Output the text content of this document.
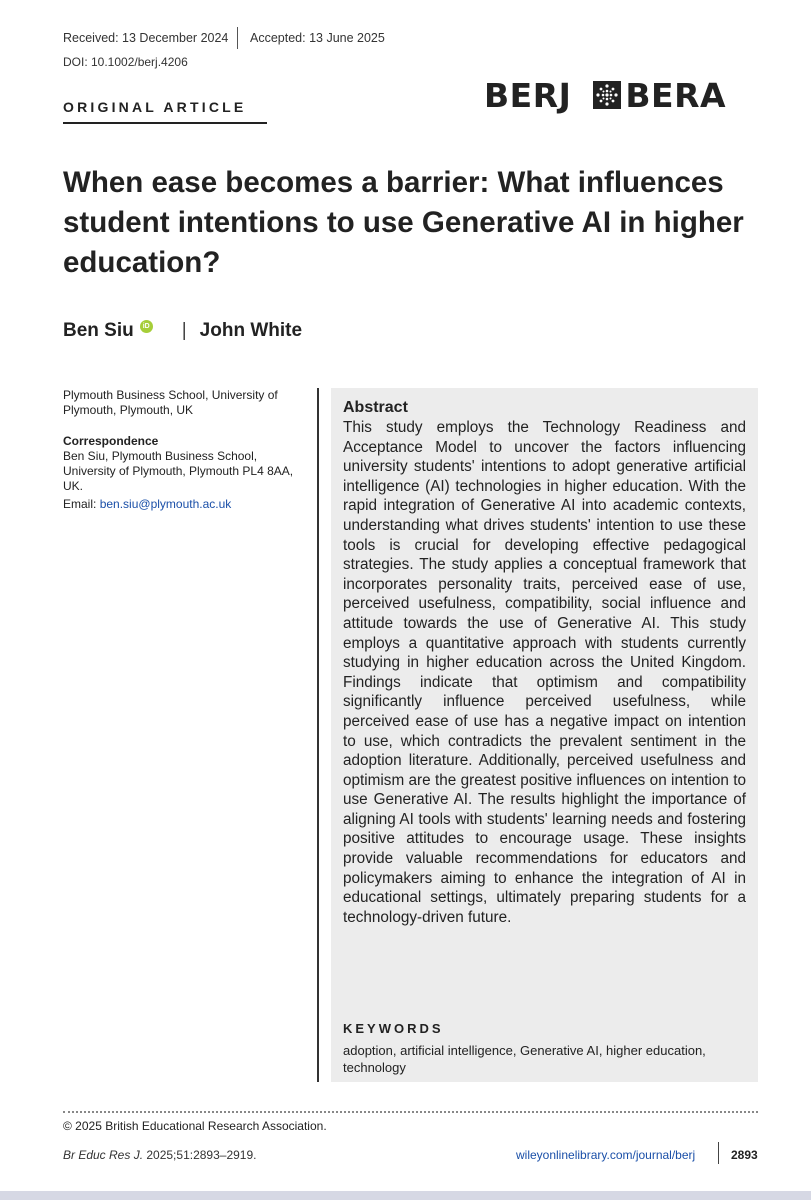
Received: 13 December 2024 Accepted: 13 June 2025
DOI: 10.1002/berj.4206
ORIGINAL ARTICLE	BERJ BERA
When ease becomes a barrier: What influences student intentions to use Generative AI in higher education?
Ben Siu	iD | John White
Plymouth Business School, University of Plymouth, Plymouth, UK
Correspondence
Ben Siu, Plymouth Business School, University of Plymouth, Plymouth PL4 8AA, UK.
Email: ben.siu@plymouth.ac.uk
Abstract

This study employs the Technology Readiness and Acceptance Model to uncover the factors influencing university students' intentions to adopt generative artificial intelligence (AI) technologies in higher education. With the rapid integration of Generative AI into academic contexts, understanding what drives students' intention to use these tools is crucial for developing effective pedagogical strategies. The study applies a conceptual framework that incorporates personality traits, perceived ease of use, perceived usefulness, compatibility, social influence and attitude towards the use of Generative AI. This study employs a quantitative approach with students currently studying in higher education across the United Kingdom. Findings indicate that optimism and compatibility significantly influence perceived usefulness, while perceived ease of use has a negative impact on intention to use, which contradicts the prevalent sentiment in the adoption literature. Additionally, perceived usefulness and optimism are the greatest positive influences on intention to use Generative AI. The results highlight the importance of aligning AI tools with students' learning needs and fostering positive attitudes to encourage usage. These insights provide valuable recommendations for educators and policymakers aiming to enhance the integration of AI in educational settings, ultimately preparing students for a technology-driven future.

KEYWORDS
adoption, artificial intelligence, Generative AI, higher education, technology
© 2025 British Educational Research Association.
Br Educ Res J. 2025;51:2893–2919.	wileyonlinelibrary.com/journal/berj	2893
